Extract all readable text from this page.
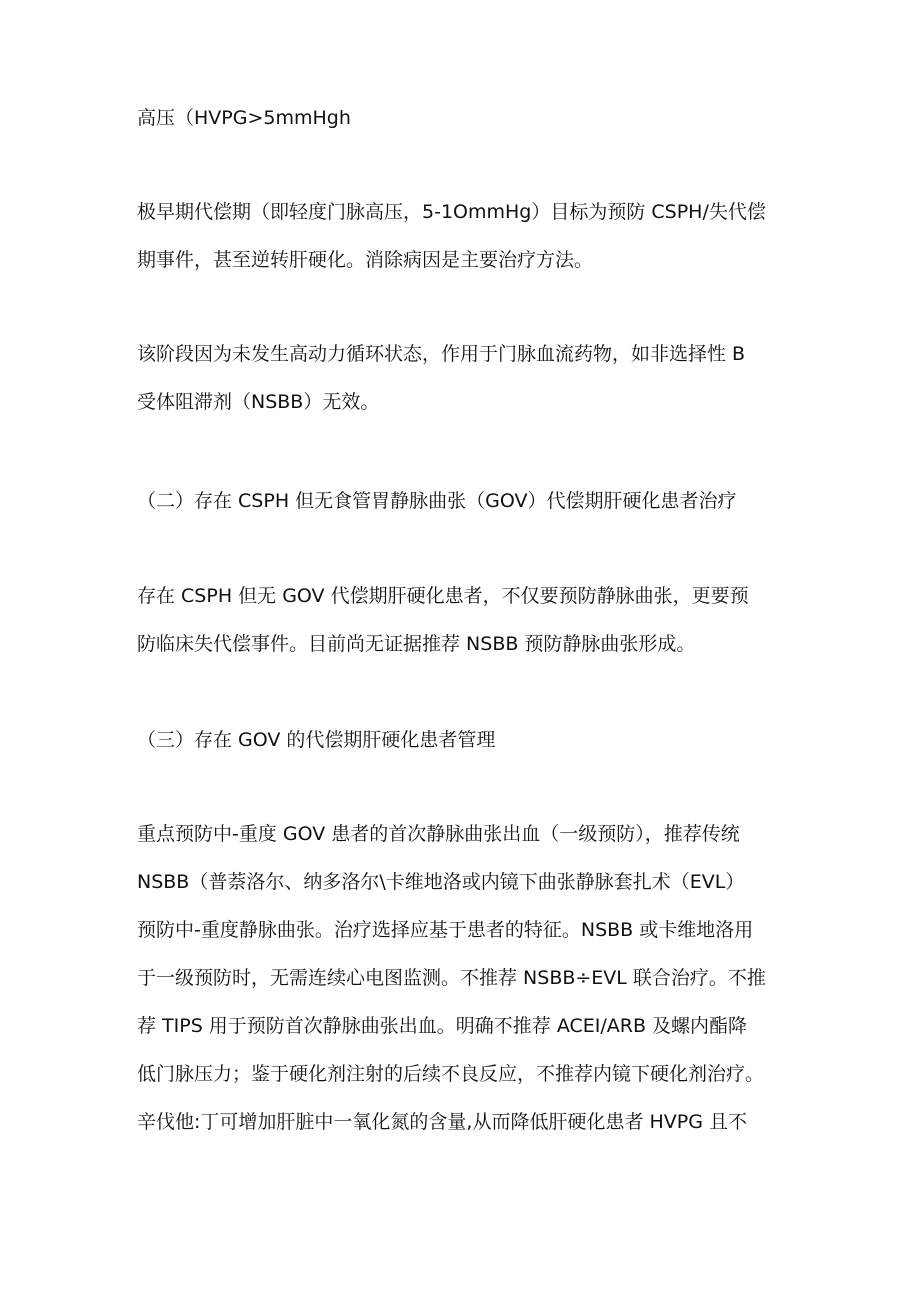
高压（HVPG>5mmHgh

极早期代偿期（即轻度门脉高压，5-1OmmHg）目标为预防 CSPH/失代偿
期事件，甚至逆转肝硬化。消除病因是主要治疗方法。

该阶段因为未发生高动力循环状态，作用于门脉血流药物，如非选择性 B
受体阻滞剂（NSBB）无效。

（二）存在 CSPH 但无食管胃静脉曲张（GOV）代偿期肝硬化患者治疗

存在 CSPH 但无 GOV 代偿期肝硬化患者，不仅要预防静脉曲张，更要预
防临床失代偿事件。目前尚无证据推荐 NSBB 预防静脉曲张形成。

（三）存在 GOV 的代偿期肝硬化患者管理

重点预防中-重度 GOV 患者的首次静脉曲张出血（一级预防），推荐传统
NSBB（普萘洛尔、纳多洛尔\卡维地洛或内镜下曲张静脉套扎术（EVL）
预防中-重度静脉曲张。治疗选择应基于患者的特征。NSBB 或卡维地洛用
于一级预防时，无需连续心电图监测。不推荐 NSBB÷EVL 联合治疗。不推
荐 TIPS 用于预防首次静脉曲张出血。明确不推荐 ACEI/ARB 及螺内酯降
低门脉压力；鉴于硬化剂注射的后续不良反应，不推荐内镜下硬化剂治疗。
辛伐他:丁可增加肝脏中一氧化氮的含量,从而降低肝硬化患者 HVPG 且不
